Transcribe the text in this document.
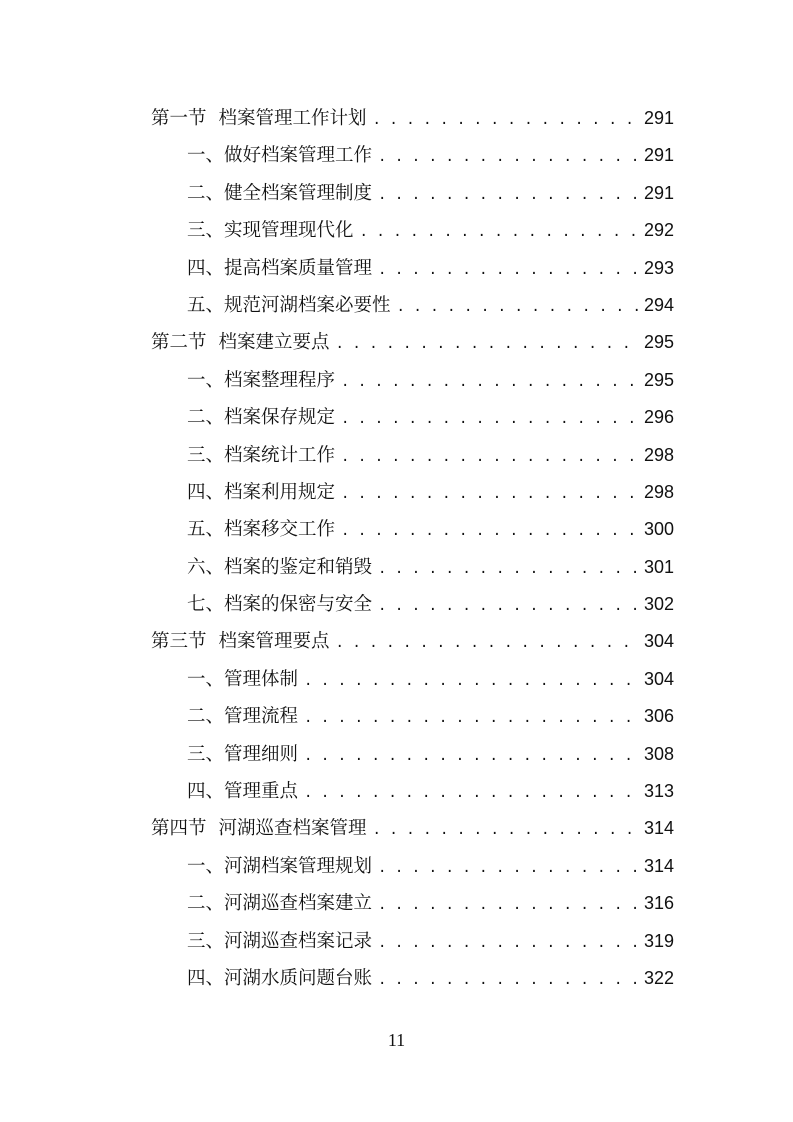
第一节 档案管理工作计划 . . .	291
一、做好档案管理工作 . . .	291
二、健全档案管理制度 . . .	291
三、实现管理现代化 . . .	292
四、提高档案质量管理 . . .	293
五、规范河湖档案必要性 . . .	294
第二节 档案建立要点 . . .	295
一、档案整理程序 . . .	295
二、档案保存规定 . . .	296
三、档案统计工作 . . .	298
四、档案利用规定 . . .	298
五、档案移交工作 . . .	300
六、档案的鉴定和销毁 . . .	301
七、档案的保密与安全 . . .	302
第三节 档案管理要点 . . .	304
一、管理体制 . . .	304
二、管理流程 . . .	306
三、管理细则 . . .	308
四、管理重点 . . .	313
第四节 河湖巡查档案管理 . . .	314
一、河湖档案管理规划 . . .	314
二、河湖巡查档案建立 . . .	316
三、河湖巡查档案记录 . . .	319
四、河湖水质问题台账 . . .	322
11
